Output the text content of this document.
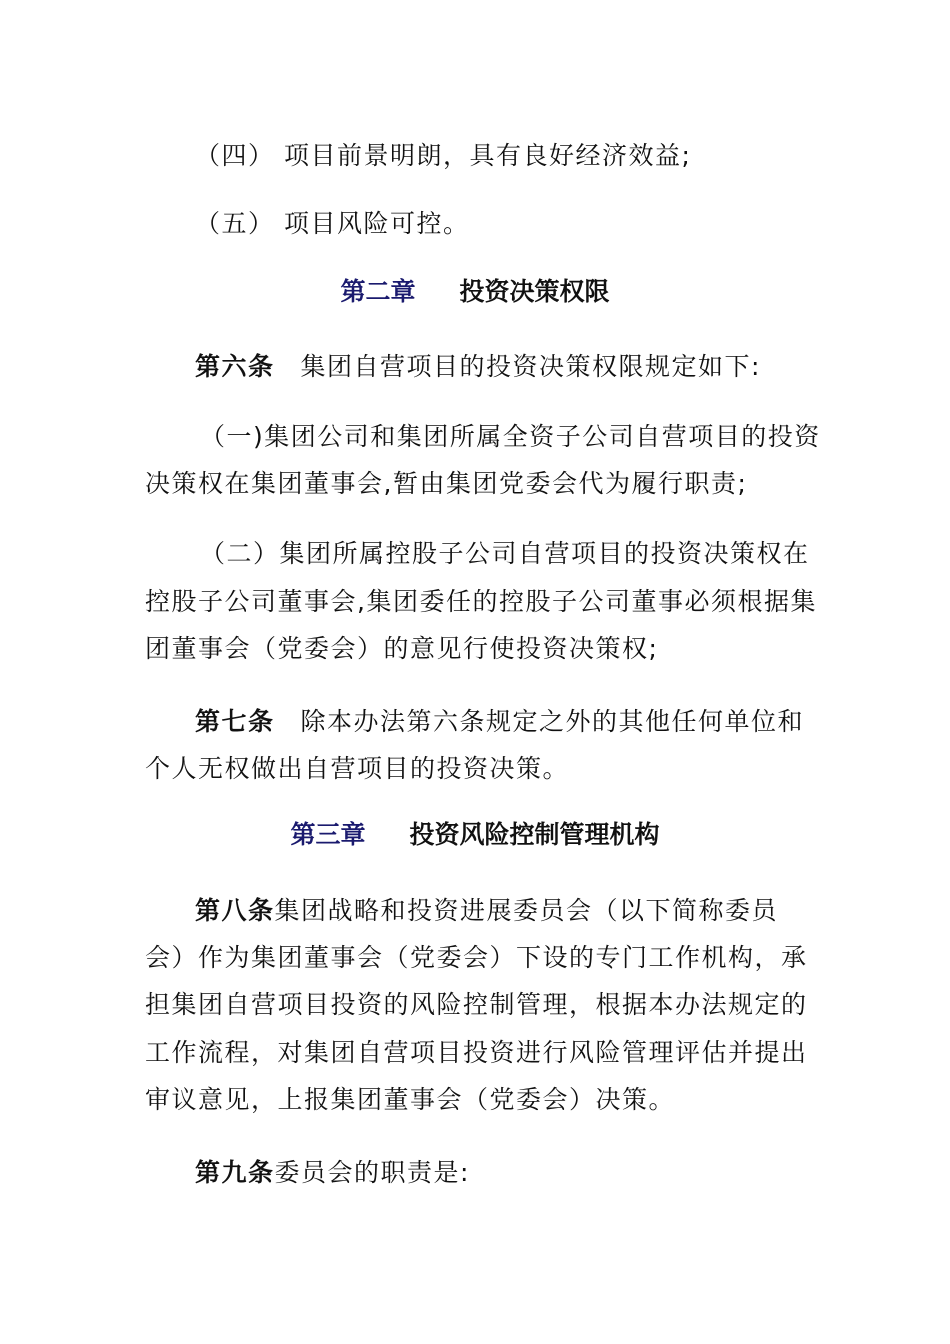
（四） 项目前景明朗，具有良好经济效益;
（五） 项目风险可控。
第二章 投资决策权限
第六条 集团自营项目的投资决策权限规定如下:
（一)集团公司和集团所属全资子公司自营项目的投资
决策权在集团董事会,暂由集团党委会代为履行职责;
（二）集团所属控股子公司自营项目的投资决策权在
控股子公司董事会,集团委任的控股子公司董事必须根据集
团董事会（党委会）的意见行使投资决策权;
第七条 除本办法第六条规定之外的其他任何单位和
个人无权做出自营项目的投资决策。
第三章 投资风险控制管理机构
第八条集团战略和投资进展委员会（以下简称委员
会）作为集团董事会（党委会）下设的专门工作机构，承
担集团自营项目投资的风险控制管理，根据本办法规定的
工作流程，对集团自营项目投资进行风险管理评估并提出
审议意见，上报集团董事会（党委会）决策。
第九条委员会的职责是:
